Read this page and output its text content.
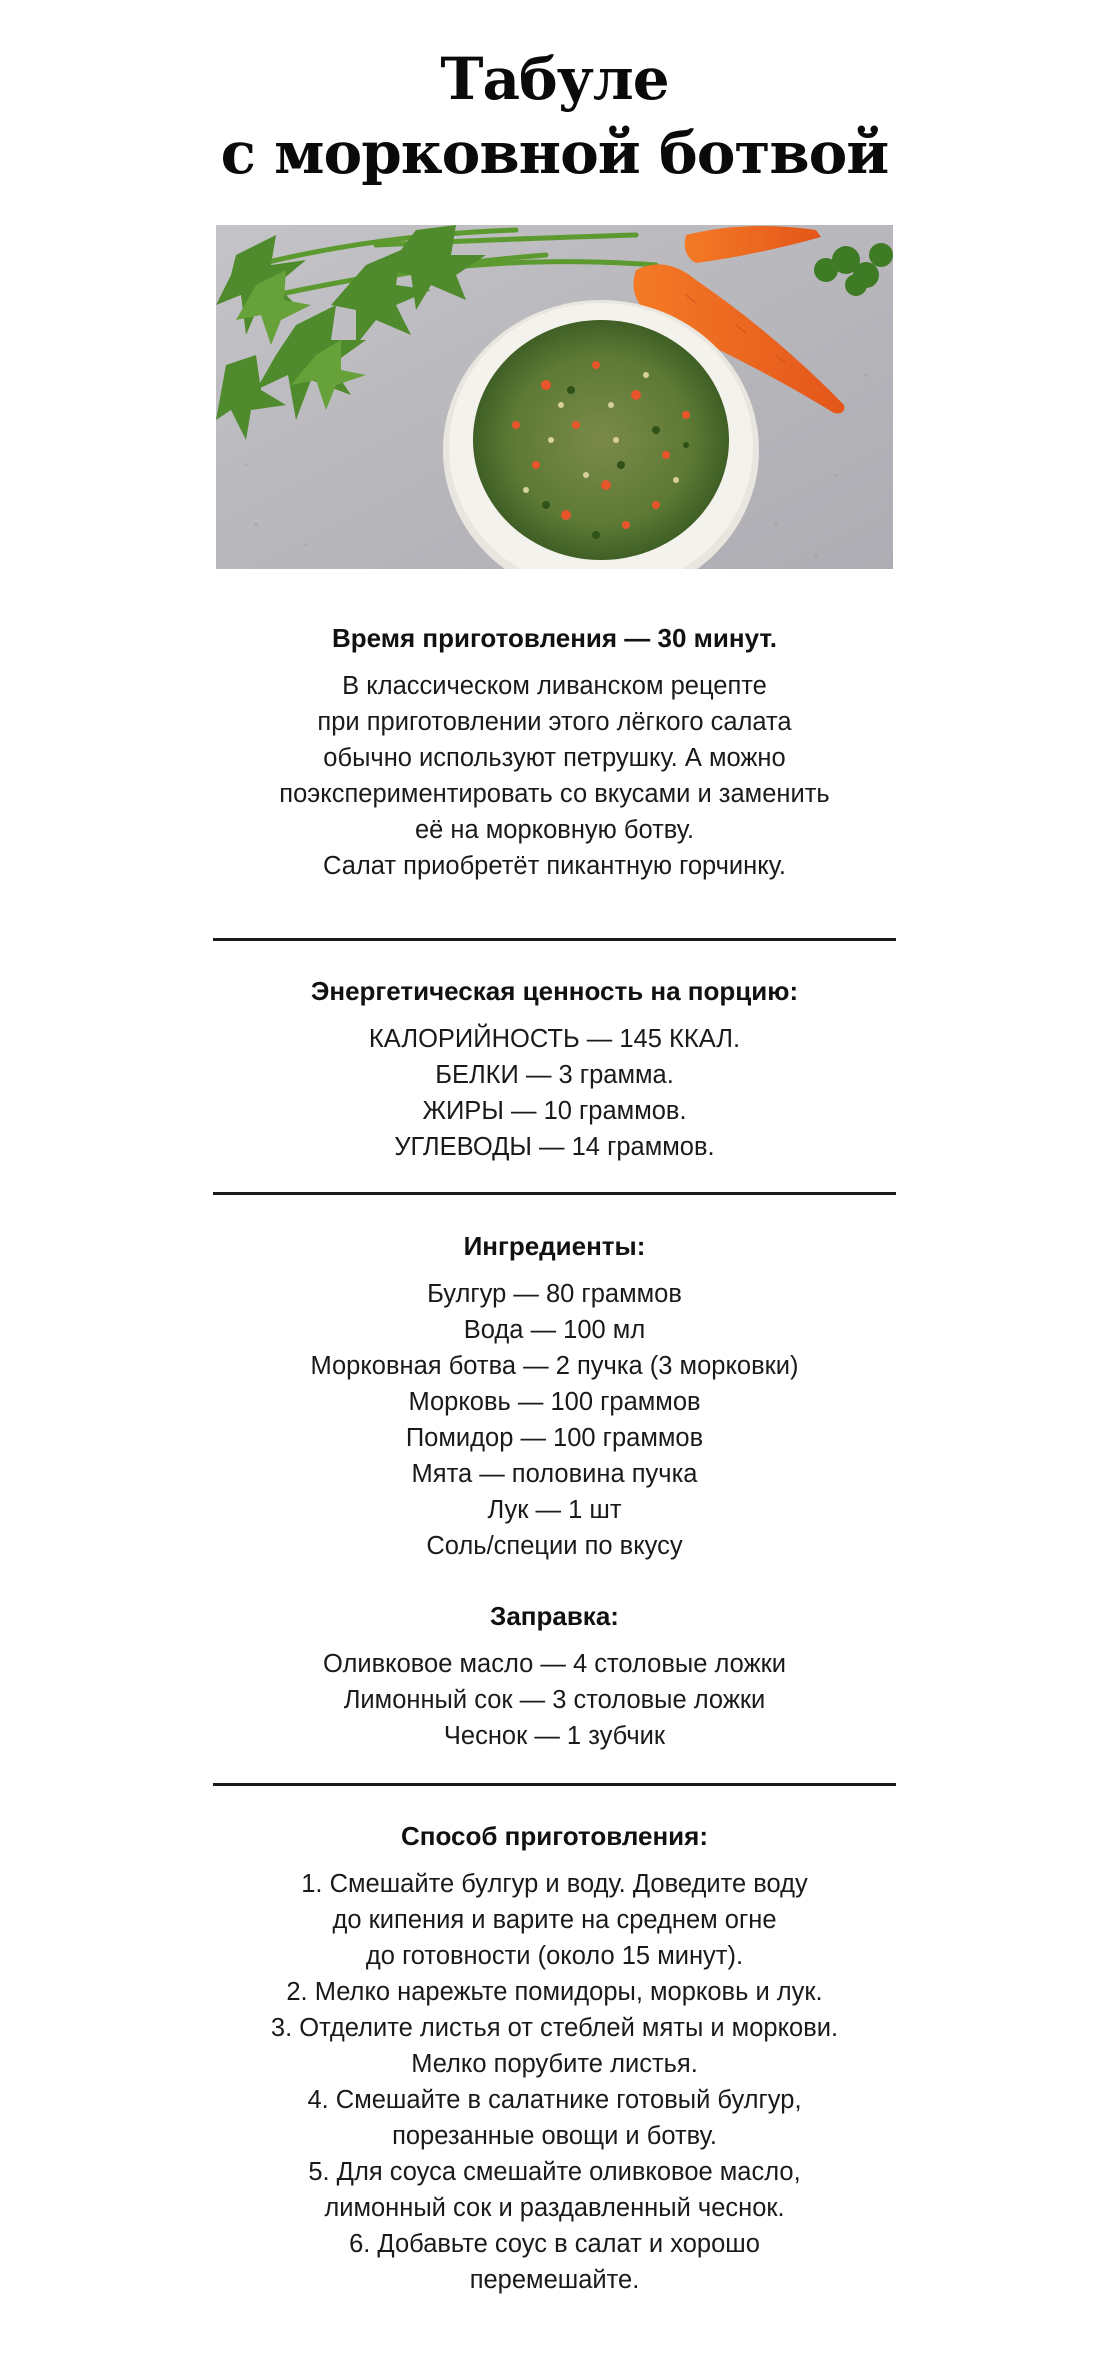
Табуле
с морковной ботвой
Время приготовления — 30 минут.
В классическом ливанском рецепте
при приготовлении этого лёгкого салата
обычно используют петрушку. А можно
поэкспериментировать со вкусами и заменить
её на морковную ботву.
Салат приобретёт пикантную горчинку.
Энергетическая ценность на порцию:
КАЛОРИЙНОСТЬ — 145 ККАЛ.
БЕЛКИ — 3 грамма.
ЖИРЫ — 10 граммов.
УГЛЕВОДЫ — 14 граммов.
Ингредиенты:
Булгур — 80 граммов
Вода — 100 мл
Морковная ботва — 2 пучка (3 морковки)
Морковь — 100 граммов
Помидор — 100 граммов
Мята — половина пучка
Лук — 1 шт
Соль/специи по вкусу
Заправка:
Оливковое масло — 4 столовые ложки
Лимонный сок — 3 столовые ложки
Чеснок — 1 зубчик
Способ приготовления:
1. Смешайте булгур и воду. Доведите воду
до кипения и варите на среднем огне
до готовности (около 15 минут).
2. Мелко нарежьте помидоры, морковь и лук.
3. Отделите листья от стеблей мяты и моркови.
Мелко порубите листья.
4. Смешайте в салатнике готовый булгур,
порезанные овощи и ботву.
5. Для соуса смешайте оливковое масло,
лимонный сок и раздавленный чеснок.
6. Добавьте соус в салат и хорошо
перемешайте.
